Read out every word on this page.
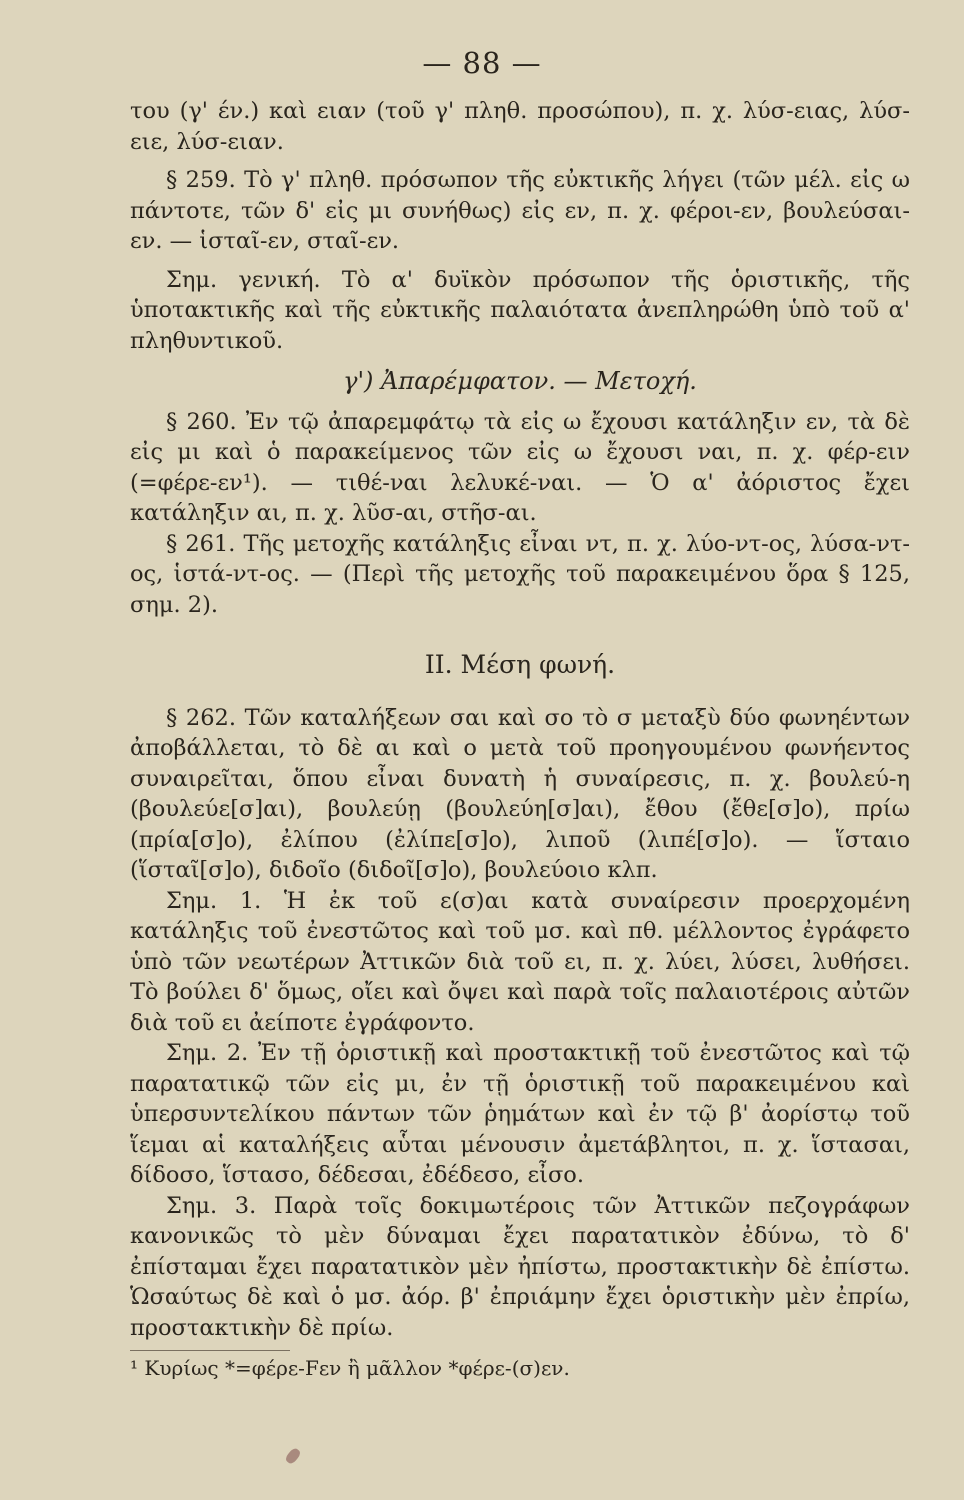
— 88 —

του (γ' έν.) καὶ ειαν (τοῦ γ' πληθ. προσώπου), π. χ. λύσ-ειας, λύσ-ειε, λύσ-ειαν.

§ 259. Τὸ γ' πληθ. πρόσωπον τῆς εὐκτικῆς λήγει (τῶν μέλ. εἰς ω πάντοτε, τῶν δ' εἰς μι συνήθως) εἰς εν, π. χ. φέροι-εν, βουλεύσαι-εν. — ἱσταῖ-εν, σταῖ-εν.

Σημ. γενική. Τὸ α' δυϊκὸν πρόσωπον τῆς ὁριστικῆς, τῆς ὑποτακτικῆς καὶ τῆς εὐκτικῆς παλαιότατα ἀνεπληρώθη ὑπὸ τοῦ α' πληθυντικοῦ.

γ') Ἀπαρέμφατον. — Μετοχή.

§ 260. Ἐν τῷ ἀπαρεμφάτῳ τὰ εἰς ω ἔχουσι κατάληξιν εν, τὰ δὲ εἰς μι καὶ ὁ παρακείμενος τῶν εἰς ω ἔχουσι ναι, π. χ. φέρ-ειν (=φέρε-εν¹). — τιθέ-ναι λελυκέ-ναι. — Ὁ α' ἀόριστος ἔχει κατάληξιν αι, π. χ. λῦσ-αι, στῆσ-αι.

§ 261. Τῆς μετοχῆς κατάληξις εἶναι ντ, π. χ. λύο-ντ-ος, λύσα-ντ-ος, ἱστά-ντ-ος. — (Περὶ τῆς μετοχῆς τοῦ παρακειμένου ὅρα § 125, σημ. 2).

II. Μέση φωνή.

§ 262. Τῶν καταλήξεων σαι καὶ σο τὸ σ μεταξὺ δύο φωνηέντων ἀποβάλλεται, τὸ δὲ αι καὶ ο μετὰ τοῦ προηγουμένου φωνήεντος συναιρεῖται, ὅπου εἶναι δυνατὴ ἡ συναίρεσις, π. χ. βουλεύ-η (βουλεύε[σ]αι), βουλεύῃ (βουλεύη[σ]αι), ἔθου (ἔθε[σ]ο), πρίω (πρία[σ]ο), ἐλίπου (ἐλίπε[σ]ο), λιποῦ (λιπέ[σ]ο). — ἵσταιο (ἵσταῖ[σ]ο), διδοῖο (διδοῖ[σ]ο), βουλεύοιο κλπ.

Σημ. 1. Ἡ ἐκ τοῦ ε(σ)αι κατὰ συναίρεσιν προερχομένη κατάληξις τοῦ ἐνεστῶτος καὶ τοῦ μσ. καὶ πθ. μέλλοντος ἐγράφετο ὑπὸ τῶν νεωτέρων Ἀττικῶν διὰ τοῦ ει, π. χ. λύει, λύσει, λυθήσει. Τὸ βούλει δ' ὅμως, οἴει καὶ ὄψει καὶ παρὰ τοῖς παλαιοτέροις αὐτῶν διὰ τοῦ ει ἀείποτε ἐγράφοντο.

Σημ. 2. Ἐν τῇ ὁριστικῇ καὶ προστακτικῇ τοῦ ἐνεστῶτος καὶ τῷ παρατατικῷ τῶν εἰς μι, ἐν τῇ ὁριστικῇ τοῦ παρακειμένου καὶ ὑπερσυντελίκου πάντων τῶν ῥημάτων καὶ ἐν τῷ β' ἀορίστῳ τοῦ ἵεμαι αἱ καταλήξεις αὗται μένουσιν ἀμετάβλητοι, π. χ. ἵστασαι, δίδοσο, ἵστασο, δέδεσαι, ἐδέδεσο, εἶσο.

Σημ. 3. Παρὰ τοῖς δοκιμωτέροις τῶν Ἀττικῶν πεζογράφων κανονικῶς τὸ μὲν δύναμαι ἔχει παρατατικὸν ἐδύνω, τὸ δ' ἐπίσταμαι ἔχει παρατατικὸν μὲν ἠπίστω, προστακτικὴν δὲ ἐπίστω. Ὡσαύτως δὲ καὶ ὁ μσ. ἀόρ. β' ἐπριάμην ἔχει ὁριστικὴν μὲν ἐπρίω, προστακτικὴν δὲ πρίω.

¹ Κυρίως *=φέρε-Fεν ἢ μᾶλλον *φέρε-(σ)εν.
